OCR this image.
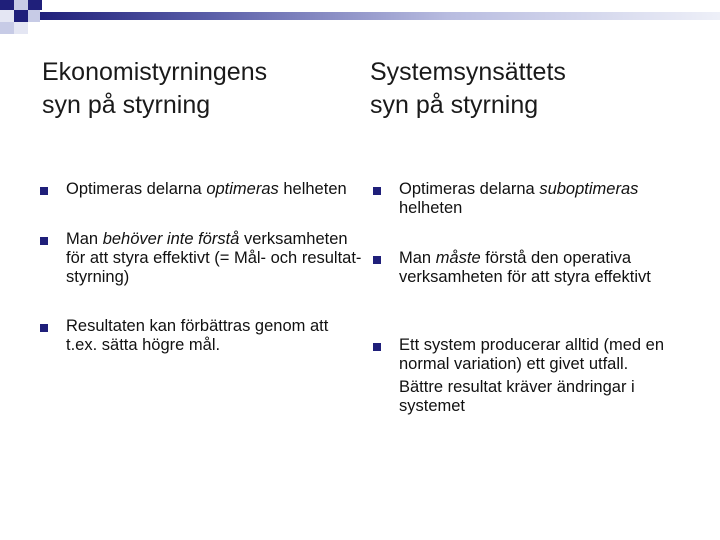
Ekonomistyrningens
syn på styrning
Systemsynsättets
syn på styrning
Optimeras delarna optimeras helheten
Man behöver inte förstå verksamheten för att styra effektivt (= Mål- och resultat-styrning)
Resultaten kan förbättras genom att t.ex. sätta högre mål.
Optimeras delarna suboptimeras helheten
Man måste förstå den operativa verksamheten för att styra effektivt
Ett system producerar alltid (med en normal variation) ett givet utfall.
Bättre resultat kräver ändringar i systemet
